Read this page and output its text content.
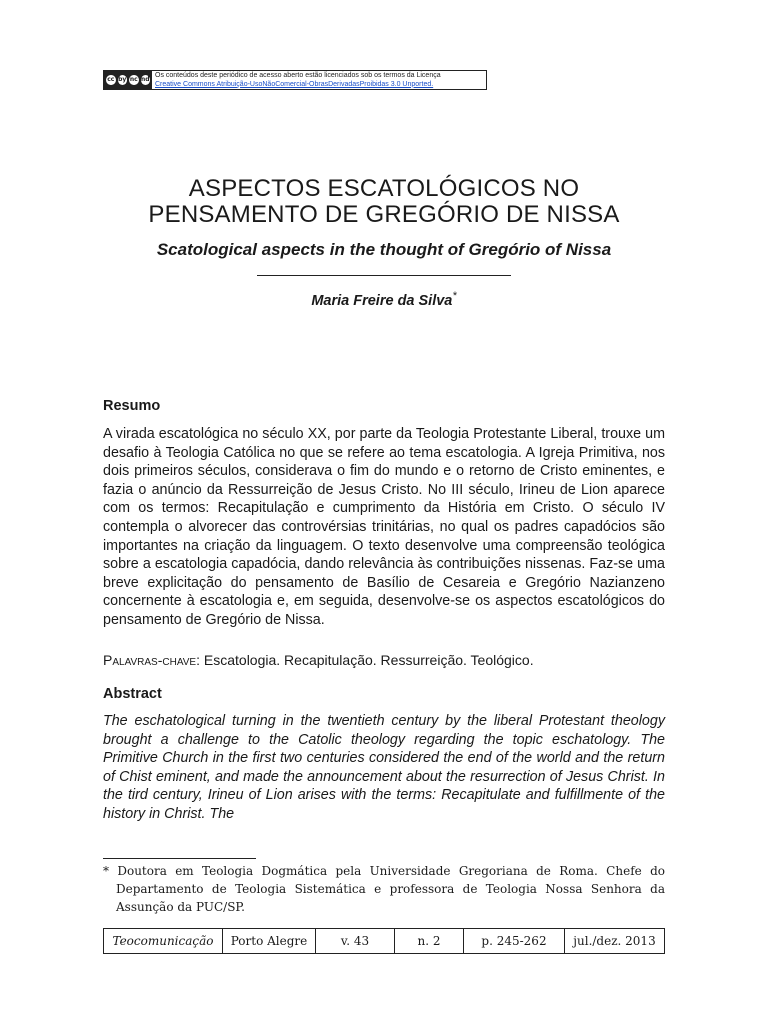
cc by nc nd
Os conteúdos deste periódico de acesso aberto estão licenciados sob os termos da Licença
Creative Commons Atribuição-UsoNãoComercial-ObrasDerivadasProibidas 3.0 Unported.
ASPECTOS ESCATOLÓGICOS NO
PENSAMENTO DE GREGÓRIO DE NISSA
Scatological aspects in the thought of Gregório of Nissa
Maria Freire da Silva*
Resumo

A virada escatológica no século XX, por parte da Teologia Protestante Liberal, trouxe um desafio à Teologia Católica no que se refere ao tema escatologia. A Igreja Primitiva, nos dois primeiros séculos, considerava o fim do mundo e o retorno de Cristo eminentes, e fazia o anúncio da Ressurreição de Jesus Cristo. No III século, Irineu de Lion aparece com os termos: Recapitulação e cumprimento da História em Cristo. O século IV contempla o alvorecer das controvérsias trinitárias, no qual os padres capadócios são importantes na criação da linguagem. O texto desenvolve uma compreensão teológica sobre a escatologia capadócia, dando relevância às contribuições nissenas. Faz-se uma breve explicitação do pensamento de Basílio de Cesareia e Gregório Nazianzeno concernente à escatologia e, em seguida, desenvolve-se os aspectos escatológicos do pensamento de Gregório de Nissa.

Palavras-chave: Escatologia. Recapitulação. Ressurreição. Teológico.
Abstract

The eschatological turning in the twentieth century by the liberal Protestant theology brought a challenge to the Catolic theology regarding the topic eschatology. The Primitive Church in the first two centuries considered the end of the world and the return of Chist eminent, and made the announcement about the resurrection of Jesus Christ. In the tird century, Irineu of Lion arises with the terms: Recapitulate and fulfillmente of the history in Christ. The

* Doutora em Teologia Dogmática pela Universidade Gregoriana de Roma. Chefe do Departamento de Teologia Sistemática e professora de Teologia Nossa Senhora da Assunção da PUC/SP.

Teocomunicação	Porto Alegre	v. 43	n. 2	p. 245-262	jul./dez. 2013
